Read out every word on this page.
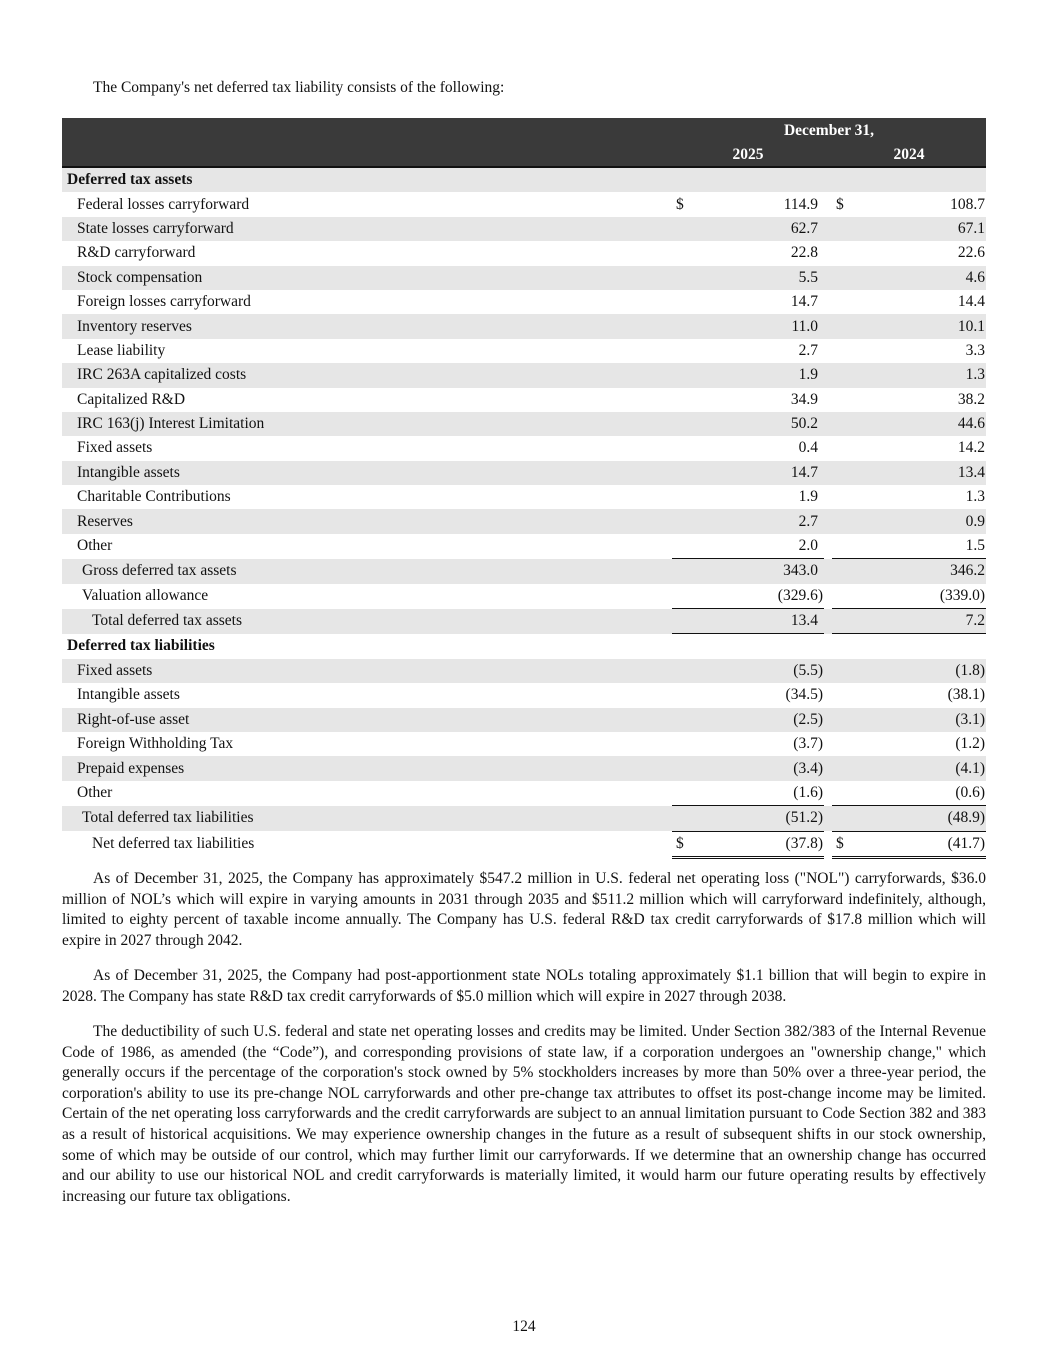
The Company's net deferred tax liability consists of the following:

	December 31,				
	2025			2024	
Deferred tax assets					
Federal losses carryforward	$	114.9		$	108.7
State losses carryforward		62.7			67.1
R&D carryforward		22.8			22.6
Stock compensation		5.5			4.6
Foreign losses carryforward		14.7			14.4
Inventory reserves		11.0			10.1
Lease liability		2.7			3.3
IRC 263A capitalized costs		1.9			1.3
Capitalized R&D		34.9			38.2
IRC 163(j) Interest Limitation		50.2			44.6
Fixed assets		0.4			14.2
Intangible assets		14.7			13.4
Charitable Contributions		1.9			1.3
Reserves		2.7			0.9
Other		2.0			1.5
Gross deferred tax assets		343.0			346.2
Valuation allowance		(329.6)			(339.0)
Total deferred tax assets		13.4			7.2
Deferred tax liabilities					
Fixed assets		(5.5)			(1.8)
Intangible assets		(34.5)			(38.1)
Right-of-use asset		(2.5)			(3.1)
Foreign Withholding Tax		(3.7)			(1.2)
Prepaid expenses		(3.4)			(4.1)
Other		(1.6)			(0.6)
Total deferred tax liabilities		(51.2)			(48.9)
Net deferred tax liabilities	$	(37.8)		$	(41.7)

As of December 31, 2025, the Company has approximately $547.2 million in U.S. federal net operating loss ("NOL") carryforwards, $36.0 million of NOL’s which will expire in varying amounts in 2031 through 2035 and $511.2 million which will carryforward indefinitely, although, limited to eighty percent of taxable income annually. The Company has U.S. federal R&D tax credit carryforwards of $17.8 million which will expire in 2027 through 2042.

As of December 31, 2025, the Company had post-apportionment state NOLs totaling approximately $1.1 billion that will begin to expire in 2028. The Company has state R&D tax credit carryforwards of $5.0 million which will expire in 2027 through 2038.

The deductibility of such U.S. federal and state net operating losses and credits may be limited. Under Section 382/383 of the Internal Revenue Code of 1986, as amended (the “Code”), and corresponding provisions of state law, if a corporation undergoes an "ownership change," which generally occurs if the percentage of the corporation's stock owned by 5% stockholders increases by more than 50% over a three-year period, the corporation's ability to use its pre-change NOL carryforwards and other pre-change tax attributes to offset its post-change income may be limited. Certain of the net operating loss carryforwards and the credit carryforwards are subject to an annual limitation pursuant to Code Section 382 and 383 as a result of historical acquisitions. We may experience ownership changes in the future as a result of subsequent shifts in our stock ownership, some of which may be outside of our control, which may further limit our carryforwards. If we determine that an ownership change has occurred and our ability to use our historical NOL and credit carryforwards is materially limited, it would harm our future operating results by effectively increasing our future tax obligations.

124
